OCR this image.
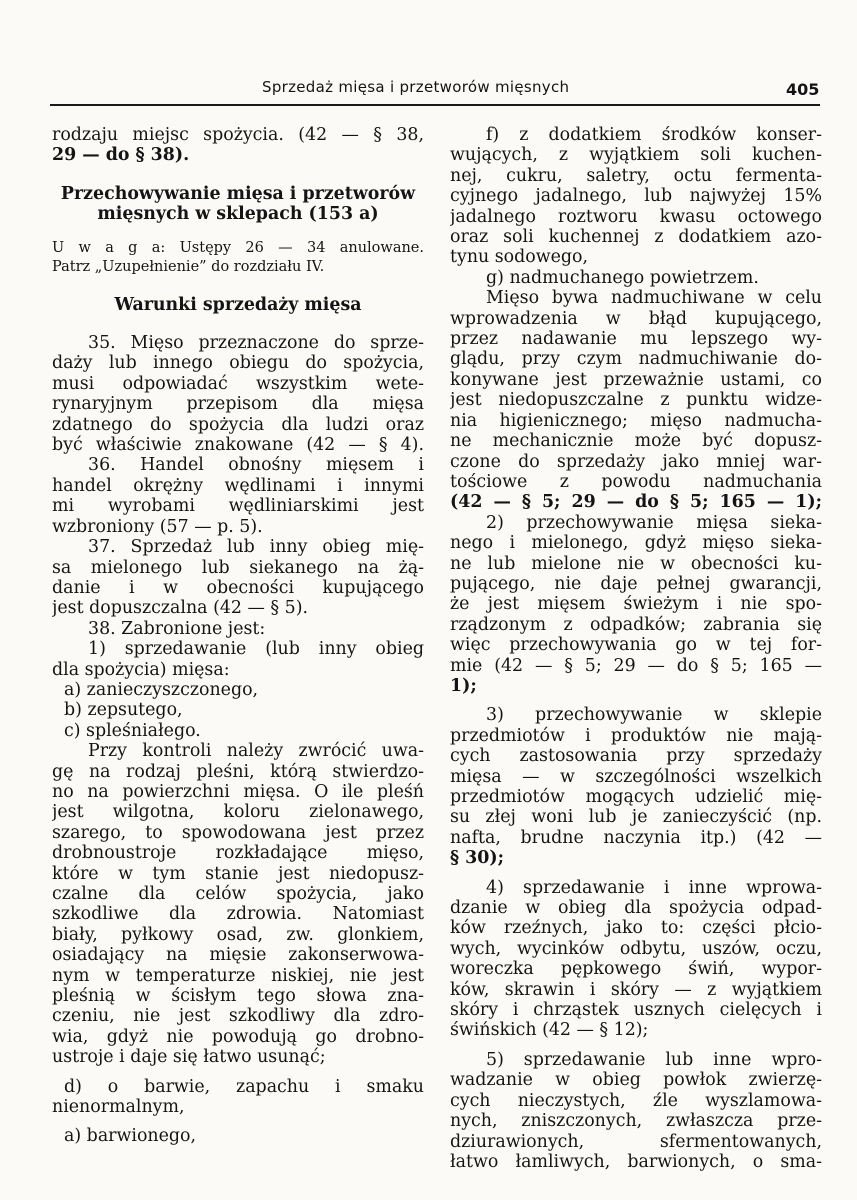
Sprzedaż mięsa i przetworów mięsnych	405
rodzaju miejsc spożycia. (42 — § 38,
29 — do § 38).
Przechowywanie mięsa i przetworów
mięsnych w sklepach (153 a)
U w a g a: Ustępy 26 — 34 anulowane.
Patrz „Uzupełnienie” do rozdziału IV.
Warunki sprzedaży mięsa
35. Mięso przeznaczone do sprze-
daży lub innego obiegu do spożycia,
musi odpowiadać wszystkim wete-
rynaryjnym przepisom dla mięsa
zdatnego do spożycia dla ludzi oraz
być właściwie znakowane (42 — § 4).
36. Handel obnośny mięsem i
handel okrężny wędlinami i innymi
mi wyrobami wędliniarskimi jest
wzbroniony (57 — p. 5).
37. Sprzedaż lub inny obieg mię-
sa mielonego lub siekanego na żą-
danie i w obecności kupującego
jest dopuszczalna (42 — § 5).
38. Zabronione jest:
1) sprzedawanie (lub inny obieg
dla spożycia) mięsa:
a) zanieczyszczonego,
b) zepsutego,
c) spleśniałego.
Przy kontroli należy zwrócić uwa-
gę na rodzaj pleśni, którą stwierdzo-
no na powierzchni mięsa. O ile pleśń
jest wilgotna, koloru zielonawego,
szarego, to spowodowana jest przez
drobnoustroje rozkładające mięso,
które w tym stanie jest niedopusz-
czalne dla celów spożycia, jako
szkodliwe dla zdrowia. Natomiast
biały, pyłkowy osad, zw. glonkiem,
osiadający na mięsie zakonserwowa-
nym w temperaturze niskiej, nie jest
pleśnią w ścisłym tego słowa zna-
czeniu, nie jest szkodliwy dla zdro-
wia, gdyż nie powodują go drobno-
ustroje i daje się łatwo usunąć;
d) o barwie, zapachu i smaku
nienormalnym,
a) barwionego,
f) z dodatkiem środków konser-
wujących, z wyjątkiem soli kuchen-
nej, cukru, saletry, octu fermenta-
cyjnego jadalnego, lub najwyżej 15%
jadalnego roztworu kwasu octowego
oraz soli kuchennej z dodatkiem azo-
tynu sodowego,
g) nadmuchanego powietrzem.
Mięso bywa nadmuchiwane w celu
wprowadzenia w błąd kupującego,
przez nadawanie mu lepszego wy-
glądu, przy czym nadmuchiwanie do-
konywane jest przeważnie ustami, co
jest niedopuszczalne z punktu widze-
nia higienicznego; mięso nadmucha-
ne mechanicznie może być dopusz-
czone do sprzedaży jako mniej war-
tościowe z powodu nadmuchania
(42 — § 5; 29 — do § 5; 165 — 1);
2) przechowywanie mięsa sieka-
nego i mielonego, gdyż mięso sieka-
ne lub mielone nie w obecności ku-
pującego, nie daje pełnej gwarancji,
że jest mięsem świeżym i nie spo-
rządzonym z odpadków; zabrania się
więc przechowywania go w tej for-
mie (42 — § 5; 29 — do § 5; 165 —
1);
3) przechowywanie w sklepie
przedmiotów i produktów nie mają-
cych zastosowania przy sprzedaży
mięsa — w szczególności wszelkich
przedmiotów mogących udzielić mię-
su złej woni lub je zanieczyścić (np.
nafta, brudne naczynia itp.) (42 —
§ 30);
4) sprzedawanie i inne wprowa-
dzanie w obieg dla spożycia odpad-
ków rzeźnych, jako to: części płcio-
wych, wycinków odbytu, uszów, oczu,
woreczka pępkowego świń, wypor-
ków, skrawin i skóry — z wyjątkiem
skóry i chrząstek usznych cielęcych i
świńskich (42 — § 12);
5) sprzedawanie lub inne wpro-
wadzanie w obieg powłok zwierzę-
cych nieczystych, źle wyszlamowa-
nych, zniszczonych, zwłaszcza prze-
dziurawionych, sfermentowanych,
łatwo łamliwych, barwionych, o sma-
